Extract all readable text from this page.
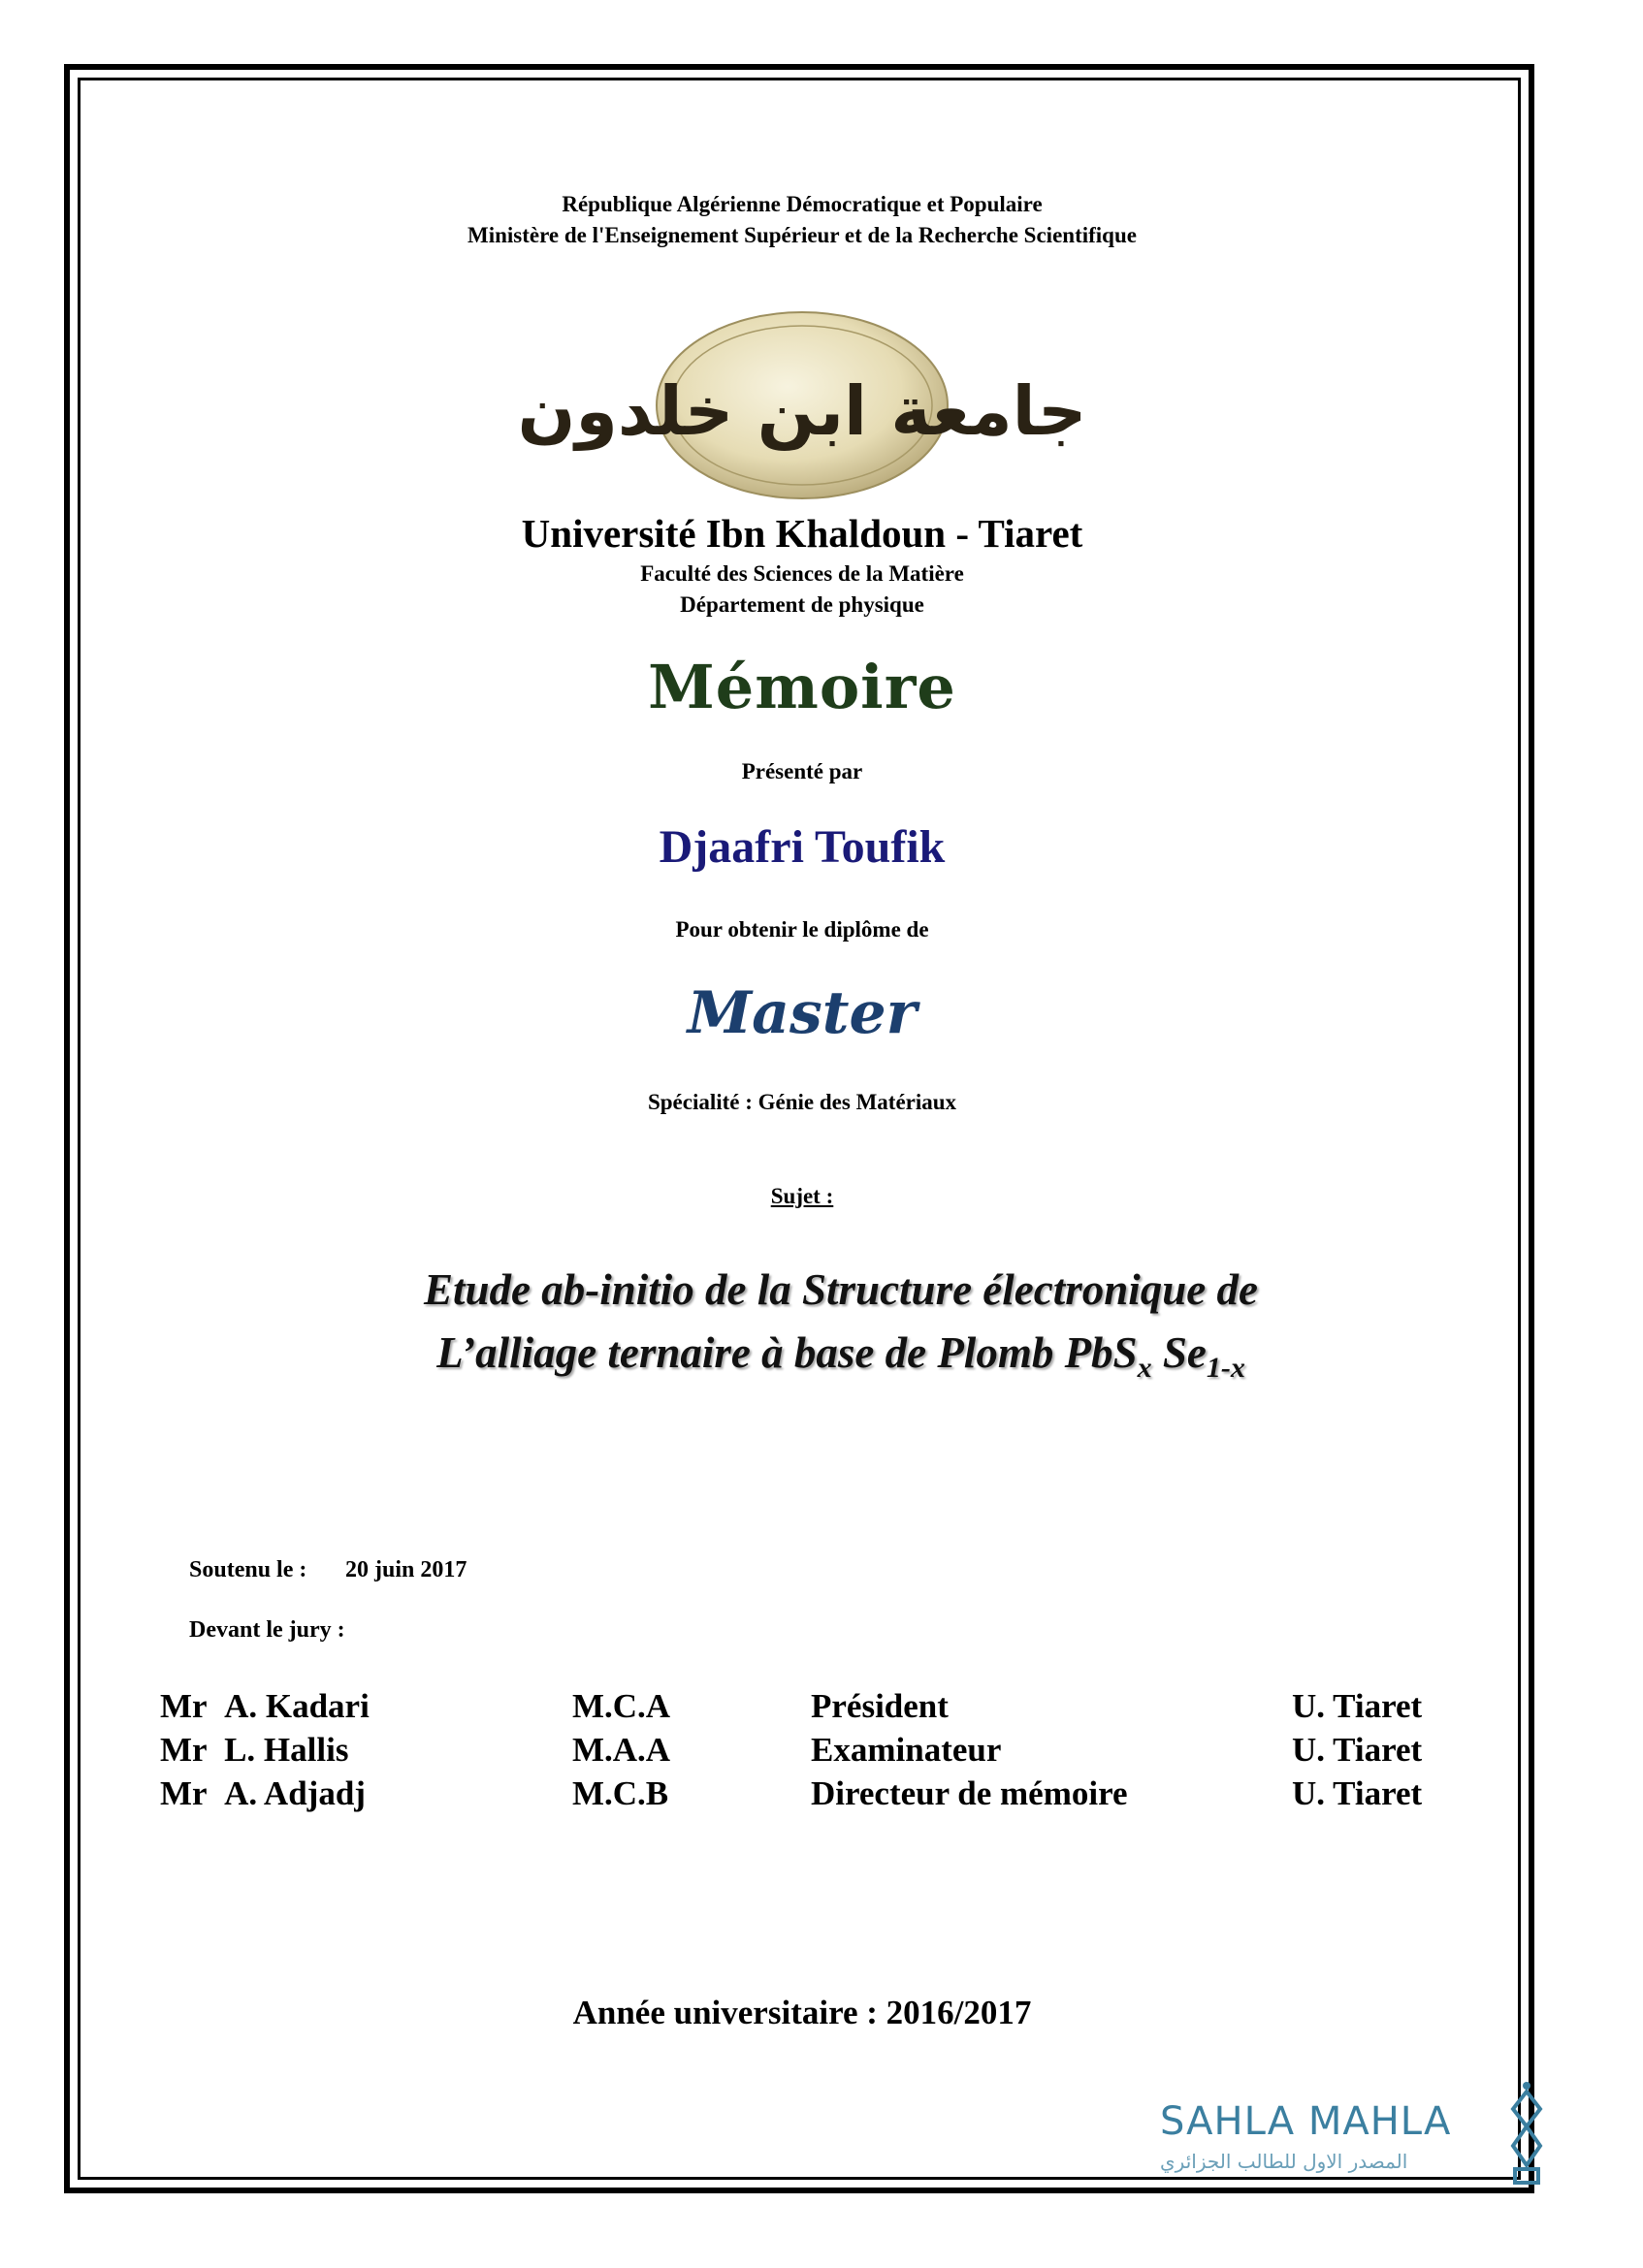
République Algérienne Démocratique et Populaire
Ministère de l'Enseignement Supérieur et de la Recherche Scientifique
جامعة ابن خلدون
Université Ibn Khaldoun - Tiaret
Faculté des Sciences de la Matière
Département de physique
Mémoire
Présenté par
Djaafri Toufik
Pour obtenir le diplôme de
Master
Spécialité : Génie des Matériaux
Sujet :
Etude ab-initio de la Structure électronique de
L’alliage ternaire à base de Plomb PbS$_x$ $Se_{1-x}$
Soutenu le : 20 juin 2017
Devant le jury :
Mr A. Kadari	M.C.A	Président	U. Tiaret
Mr L. Hallis	M.A.A	Examinateur	U. Tiaret
Mr A. Adjadj	M.C.B	Directeur de mémoire	U. Tiaret
Année universitaire : 2016/2017
SAHLA MAHLA
المصدر الاول للطالب الجزائري
